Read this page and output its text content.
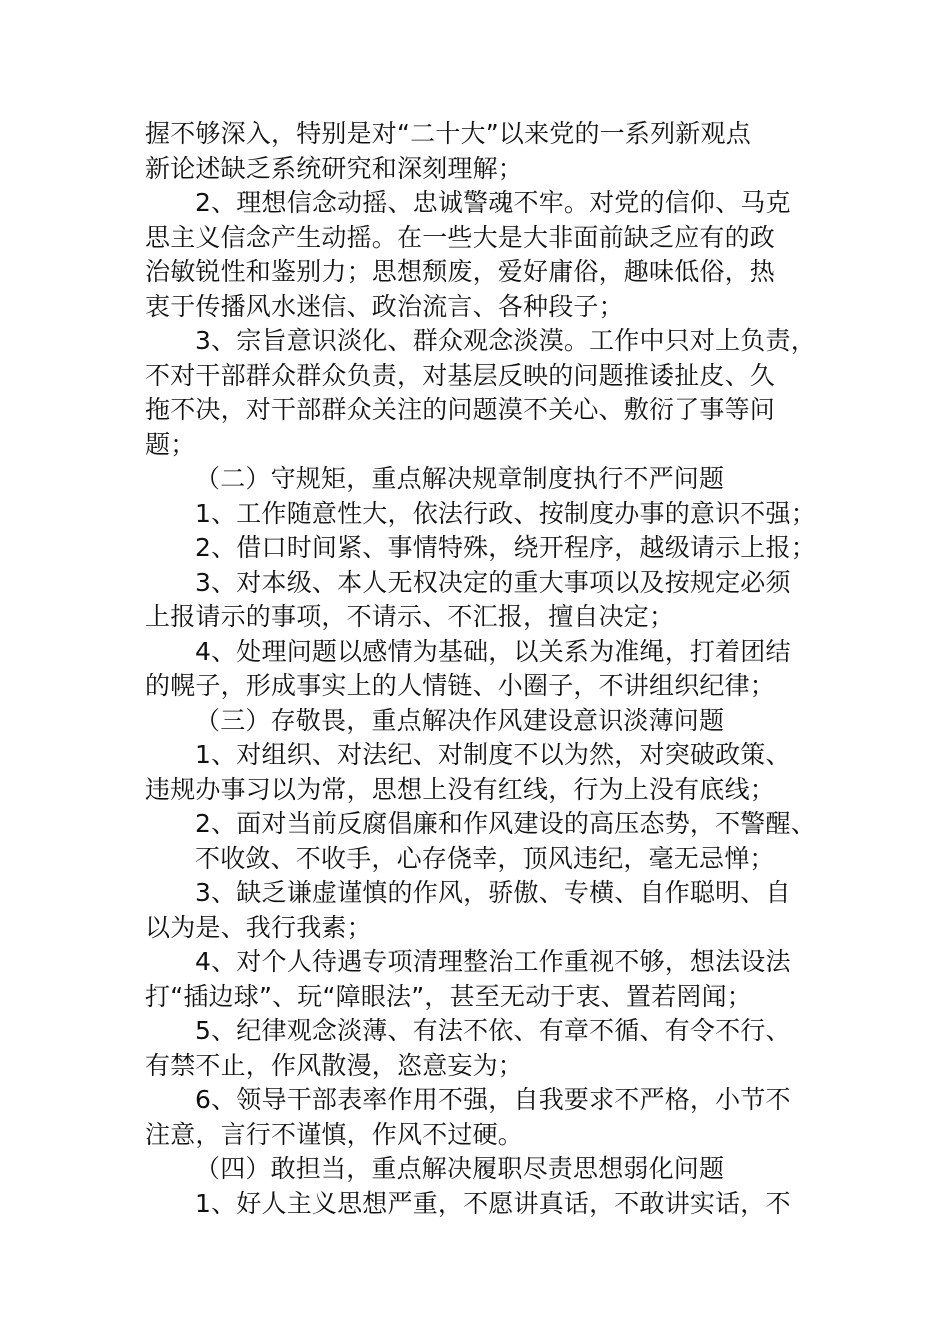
握不够深入，特别是对“二十大”以来党的一系列新观点
新论述缺乏系统研究和深刻理解；
2、理想信念动摇、忠诚警魂不牢。对党的信仰、马克
思主义信念产生动摇。在一些大是大非面前缺乏应有的政
治敏锐性和鉴别力；思想颓废，爱好庸俗，趣味低俗，热
衷于传播风水迷信、政治流言、各种段子；
3、宗旨意识淡化、群众观念淡漠。工作中只对上负责，
不对干部群众群众负责，对基层反映的问题推诿扯皮、久
拖不决，对干部群众关注的问题漠不关心、敷衍了事等问
题；
（二）守规矩，重点解决规章制度执行不严问题
1、工作随意性大，依法行政、按制度办事的意识不强；
2、借口时间紧、事情特殊，绕开程序，越级请示上报；
3、对本级、本人无权决定的重大事项以及按规定必须
上报请示的事项，不请示、不汇报，擅自决定；
4、处理问题以感情为基础，以关系为准绳，打着团结
的幌子，形成事实上的人情链、小圈子，不讲组织纪律；
（三）存敬畏，重点解决作风建设意识淡薄问题
1、对组织、对法纪、对制度不以为然，对突破政策、
违规办事习以为常，思想上没有红线，行为上没有底线；
2、面对当前反腐倡廉和作风建设的高压态势，不警醒、
不收敛、不收手，心存侥幸，顶风违纪，毫无忌惮；
3、缺乏谦虚谨慎的作风，骄傲、专横、自作聪明、自
以为是、我行我素；
4、对个人待遇专项清理整治工作重视不够，想法设法
打“插边球”、玩“障眼法”，甚至无动于衷、置若罔闻；
5、纪律观念淡薄、有法不依、有章不循、有令不行、
有禁不止，作风散漫，恣意妄为；
6、领导干部表率作用不强，自我要求不严格，小节不
注意，言行不谨慎，作风不过硬。
（四）敢担当，重点解决履职尽责思想弱化问题
1、好人主义思想严重，不愿讲真话，不敢讲实话，不
